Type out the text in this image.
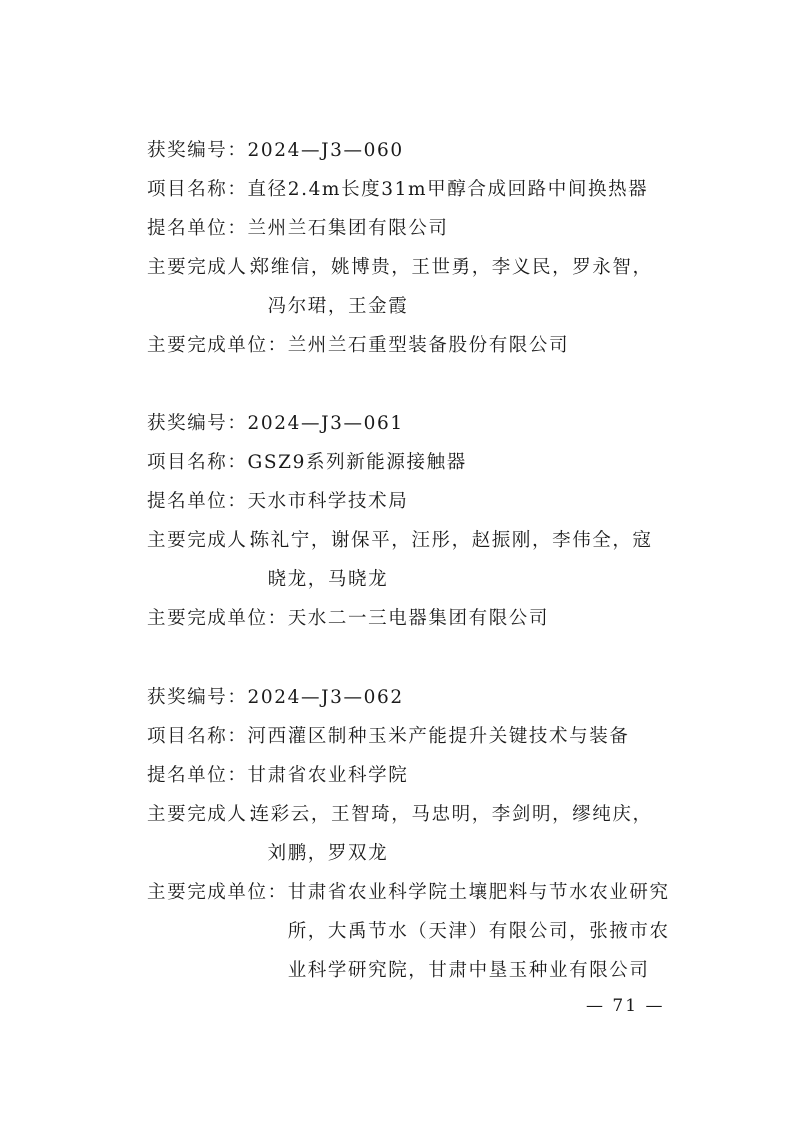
获奖编号： 2024—J3—060
项目名称： 直径2.4m长度31m甲醇合成回路中间换热器
提名单位： 兰州兰石集团有限公司
主要完成人：
郑维信，姚博贵，王世勇，李义民，罗永智，
冯尔珺，王金霞
主要完成单位： 兰州兰石重型装备股份有限公司
获奖编号： 2024—J3—061
项目名称： GSZ9系列新能源接触器
提名单位： 天水市科学技术局
主要完成人：
陈礼宁，谢保平，汪彤，赵振刚，李伟全，寇
晓龙，马晓龙
主要完成单位： 天水二一三电器集团有限公司
获奖编号： 2024—J3—062
项目名称： 河西灌区制种玉米产能提升关键技术与装备
提名单位： 甘肃省农业科学院
主要完成人：
连彩云，王智琦，马忠明，李剑明，缪纯庆，
刘鹏，罗双龙
主要完成单位： 甘肃省农业科学院土壤肥料与节水农业研究
所，大禹节水（天津）有限公司，张掖市农
业科学研究院，甘肃中垦玉种业有限公司
— 71 —
